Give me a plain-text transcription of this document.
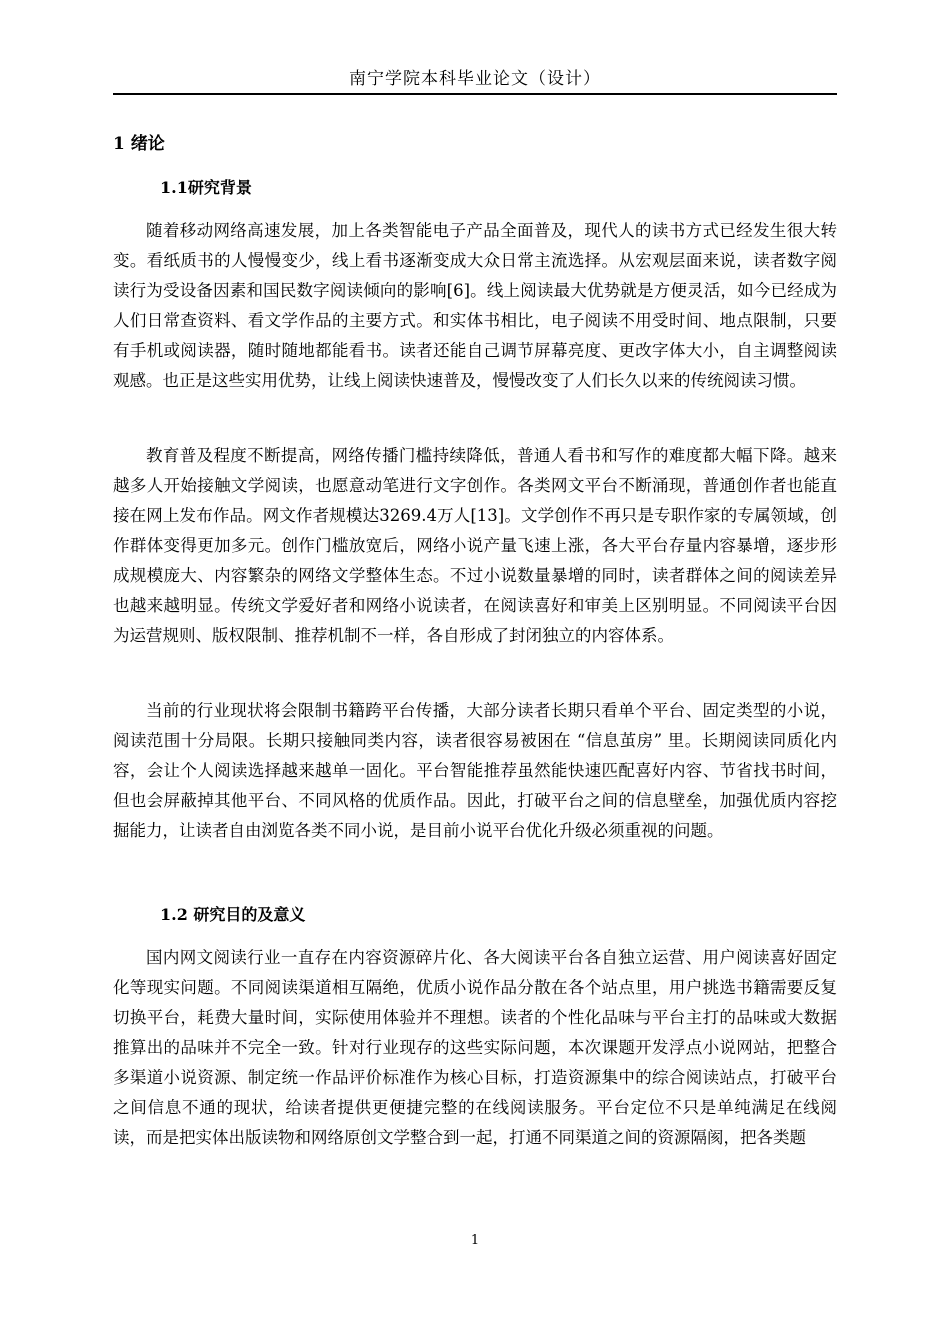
南宁学院本科毕业论文（设计）
1 绪论
1.1研究背景

随着移动网络高速发展，加上各类智能电子产品全面普及，现代人的读书方式已经发生很大转变。看纸质书的人慢慢变少，线上看书逐渐变成大众日常主流选择。从宏观层面来说，读者数字阅读行为受设备因素和国民数字阅读倾向的影响[6]。线上阅读最大优势就是方便灵活，如今已经成为人们日常查资料、看文学作品的主要方式。和实体书相比，电子阅读不用受时间、地点限制，只要有手机或阅读器，随时随地都能看书。读者还能自己调节屏幕亮度、更改字体大小，自主调整阅读观感。也正是这些实用优势，让线上阅读快速普及，慢慢改变了人们长久以来的传统阅读习惯。

教育普及程度不断提高，网络传播门槛持续降低，普通人看书和写作的难度都大幅下降。越来越多人开始接触文学阅读，也愿意动笔进行文字创作。各类网文平台不断涌现，普通创作者也能直接在网上发布作品。网文作者规模达3269.4万人[13]。文学创作不再只是专职作家的专属领域，创作群体变得更加多元。创作门槛放宽后，网络小说产量飞速上涨，各大平台存量内容暴增，逐步形成规模庞大、内容繁杂的网络文学整体生态。不过小说数量暴增的同时，读者群体之间的阅读差异也越来越明显。传统文学爱好者和网络小说读者，在阅读喜好和审美上区别明显。不同阅读平台因为运营规则、版权限制、推荐机制不一样，各自形成了封闭独立的内容体系。

当前的行业现状将会限制书籍跨平台传播，大部分读者长期只看单个平台、固定类型的小说，阅读范围十分局限。长期只接触同类内容，读者很容易被困在 “信息茧房” 里。长期阅读同质化内容，会让个人阅读选择越来越单一固化。平台智能推荐虽然能快速匹配喜好内容、节省找书时间，但也会屏蔽掉其他平台、不同风格的优质作品。因此，打破平台之间的信息壁垒，加强优质内容挖掘能力，让读者自由浏览各类不同小说，是目前小说平台优化升级必须重视的问题。

1.2 研究目的及意义

国内网文阅读行业一直存在内容资源碎片化、各大阅读平台各自独立运营、用户阅读喜好固定化等现实问题。不同阅读渠道相互隔绝，优质小说作品分散在各个站点里，用户挑选书籍需要反复切换平台，耗费大量时间，实际使用体验并不理想。读者的个性化品味与平台主打的品味或大数据推算出的品味并不完全一致。针对行业现存的这些实际问题，本次课题开发浮点小说网站，把整合多渠道小说资源、制定统一作品评价标准作为核心目标，打造资源集中的综合阅读站点，打破平台之间信息不通的现状，给读者提供更便捷完整的在线阅读服务。平台定位不只是单纯满足在线阅读，而是把实体出版读物和网络原创文学整合到一起，打通不同渠道之间的资源隔阂，把各类题

1
